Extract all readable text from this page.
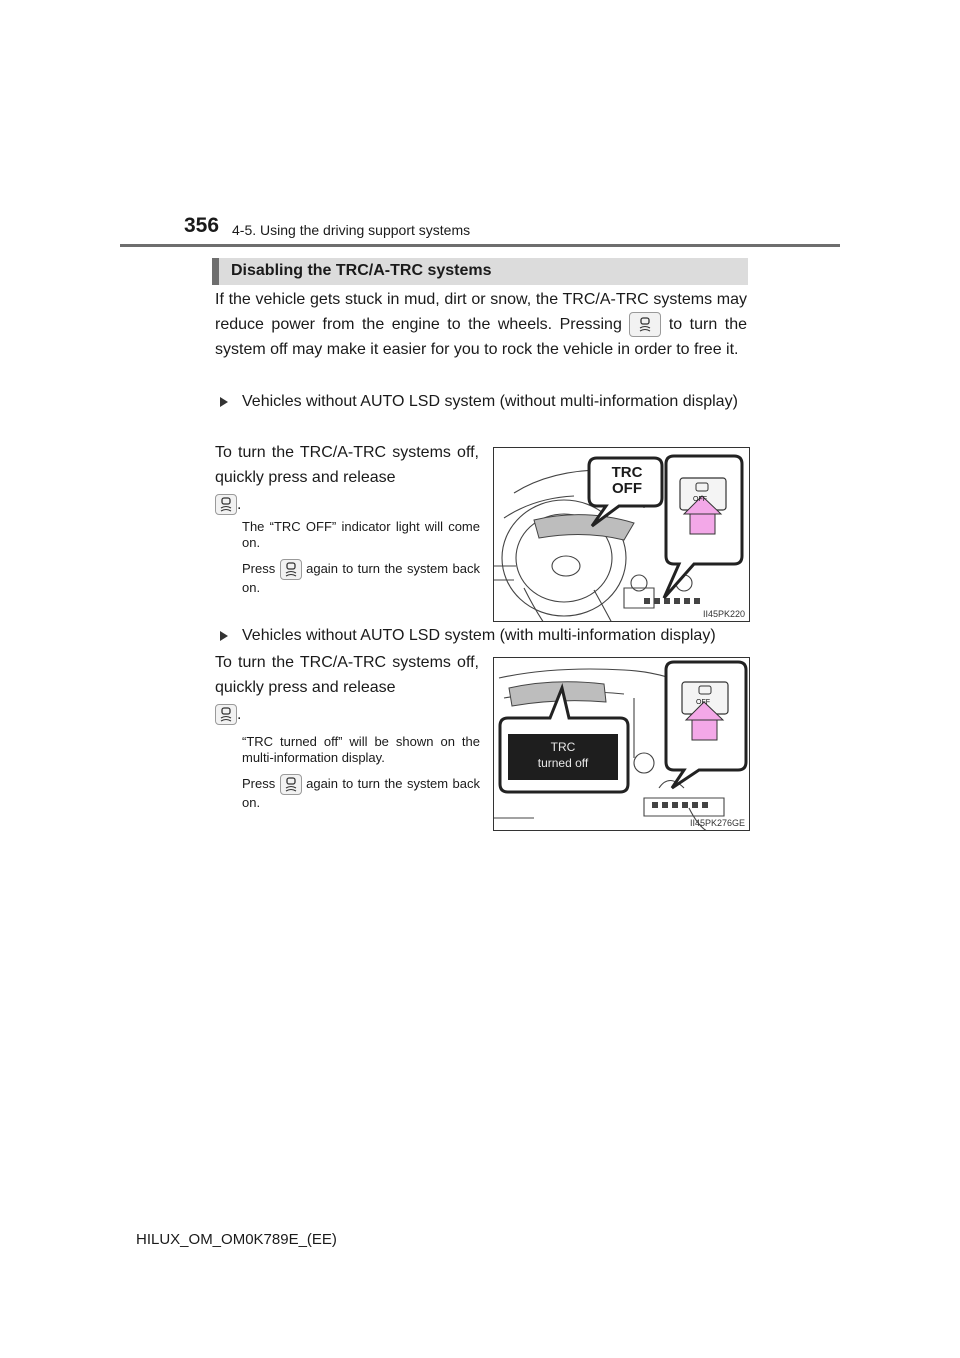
356 4-5. Using the driving support systems
Disabling the TRC/A-TRC systems

If the vehicle gets stuck in mud, dirt or snow, the TRC/A-TRC systems may reduce power from the engine to the wheels. Pressing	to turn the system off may make it easier for you to rock the vehicle in order to free it.

Vehicles without AUTO LSD system (without multi-information display)

To turn the TRC/A-TRC systems off, quickly press and release

.

The “TRC OFF” indicator light will come on.

Press again to turn the system back on.

TRC
OFF
OFF
II45PK220
Vehicles without AUTO LSD system (with multi-information display)

To turn the TRC/A-TRC systems off, quickly press and release

.

“TRC turned off” will be shown on the multi-information display.

Press again to turn the system back on.

TRC
turned off
OFF
II45PK276GE
HILUX_OM_OM0K789E_(EE)
